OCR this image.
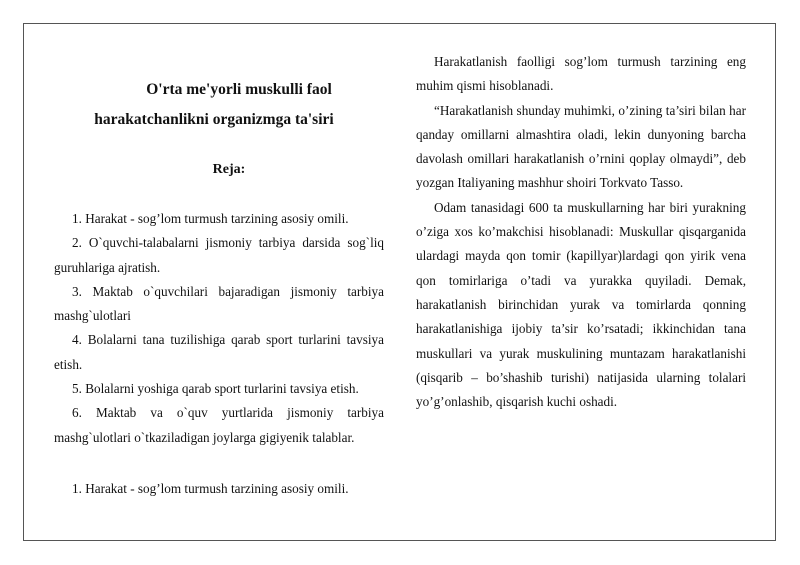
O'rta me'yorli muskulli faol
harakatchanlikni organizmga ta'siri

Reja:

1. Harakat - sog’lom turmush tarzining asosiy omili.
2. O`quvchi-talabalarni jismoniy tarbiya darsida sog`liq guruhlariga ajratish.
3. Maktab o`quvchilari bajaradigan jismoniy tarbiya mashg`ulotlari
4. Bolalarni tana tuzilishiga qarab sport turlarini tavsiya etish.
5. Bolalarni yoshiga qarab sport turlarini tavsiya etish.
6. Maktab va o`quv yurtlarida jismoniy tarbiya mashg`ulotlari o`tkaziladigan joylarga gigiyenik talablar.

1. Harakat - sog’lom turmush tarzining asosiy omili.

Harakatlanish faolligi sog’lom turmush tarzining eng muhim qismi hisoblanadi.

“Harakatlanish shunday muhimki, o’zining ta’siri bilan har qanday omillarni almashtira oladi, lekin dunyoning barcha davolash omillari harakatlanish o’rnini qoplay olmaydi”, deb yozgan Italiyaning mashhur shoiri Torkvato Tasso.

Odam tanasidagi 600 ta muskullarning har biri yurakning o’ziga xos ko’makchisi hisoblanadi: Muskullar qisqarganida ulardagi mayda qon tomir (kapillyar)lardagi qon yirik vena qon tomirlariga o’tadi va yurakka quyiladi. Demak, harakatlanish birinchidan yurak va tomirlarda qonning harakatlanishiga ijobiy ta’sir ko’rsatadi; ikkinchidan tana muskullari va yurak muskulining muntazam harakatlanishi (qisqarib – bo’shashib turishi) natijasida ularning tolalari yo’g’onlashib, qisqarish kuchi oshadi.
